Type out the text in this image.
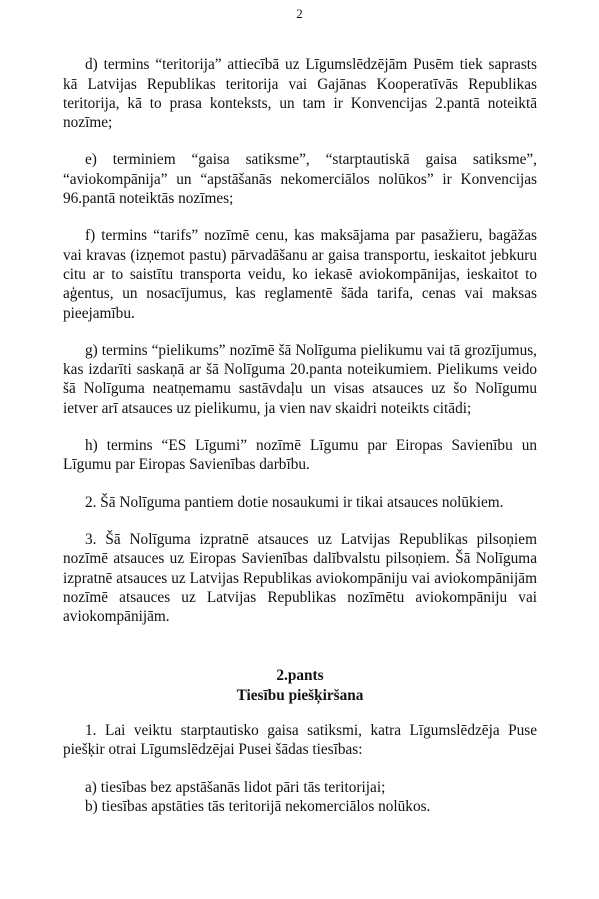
2

d) termins “teritorija” attiecībā uz Līgumslēdzējām Pusēm tiek saprasts kā Latvijas Republikas teritorija vai Gajānas Kooperatīvās Republikas teritorija, kā to prasa konteksts, un tam ir Konvencijas 2.pantā noteiktā nozīme;

e) terminiem “gaisa satiksme”, “starptautiskā gaisa satiksme”, “aviokompānija” un “apstāšanās nekomerciālos nolūkos” ir Konvencijas 96.pantā noteiktās nozīmes;

f) termins “tarifs” nozīmē cenu, kas maksājama par pasažieru, bagāžas vai kravas (izņemot pastu) pārvadāšanu ar gaisa transportu, ieskaitot jebkuru citu ar to saistītu transporta veidu, ko iekasē aviokompānijas, ieskaitot to aģentus, un nosacījumus, kas reglamentē šāda tarifa, cenas vai maksas pieejamību.

g) termins “pielikums” nozīmē šā Nolīguma pielikumu vai tā grozījumus, kas izdarīti saskaņā ar šā Nolīguma 20.panta noteikumiem. Pielikums veido šā Nolīguma neatņemamu sastāvdaļu un visas atsauces uz šo Nolīgumu ietver arī atsauces uz pielikumu, ja vien nav skaidri noteikts citādi;

h) termins “ES Līgumi” nozīmē Līgumu par Eiropas Savienību un Līgumu par Eiropas Savienības darbību.

2. Šā Nolīguma pantiem dotie nosaukumi ir tikai atsauces nolūkiem.

3. Šā Nolīguma izpratnē atsauces uz Latvijas Republikas pilsoņiem nozīmē atsauces uz Eiropas Savienības dalībvalstu pilsoņiem. Šā Nolīguma izpratnē atsauces uz Latvijas Republikas aviokompāniju vai aviokompānijām nozīmē atsauces uz Latvijas Republikas nozīmētu aviokompāniju vai aviokompānijām.

2.pants
Tiesību piešķiršana

1. Lai veiktu starptautisko gaisa satiksmi, katra Līgumslēdzēja Puse piešķir otrai Līgumslēdzējai Pusei šādas tiesības:

a) tiesības bez apstāšanās lidot pāri tās teritorijai;

b) tiesības apstāties tās teritorijā nekomerciālos nolūkos.
